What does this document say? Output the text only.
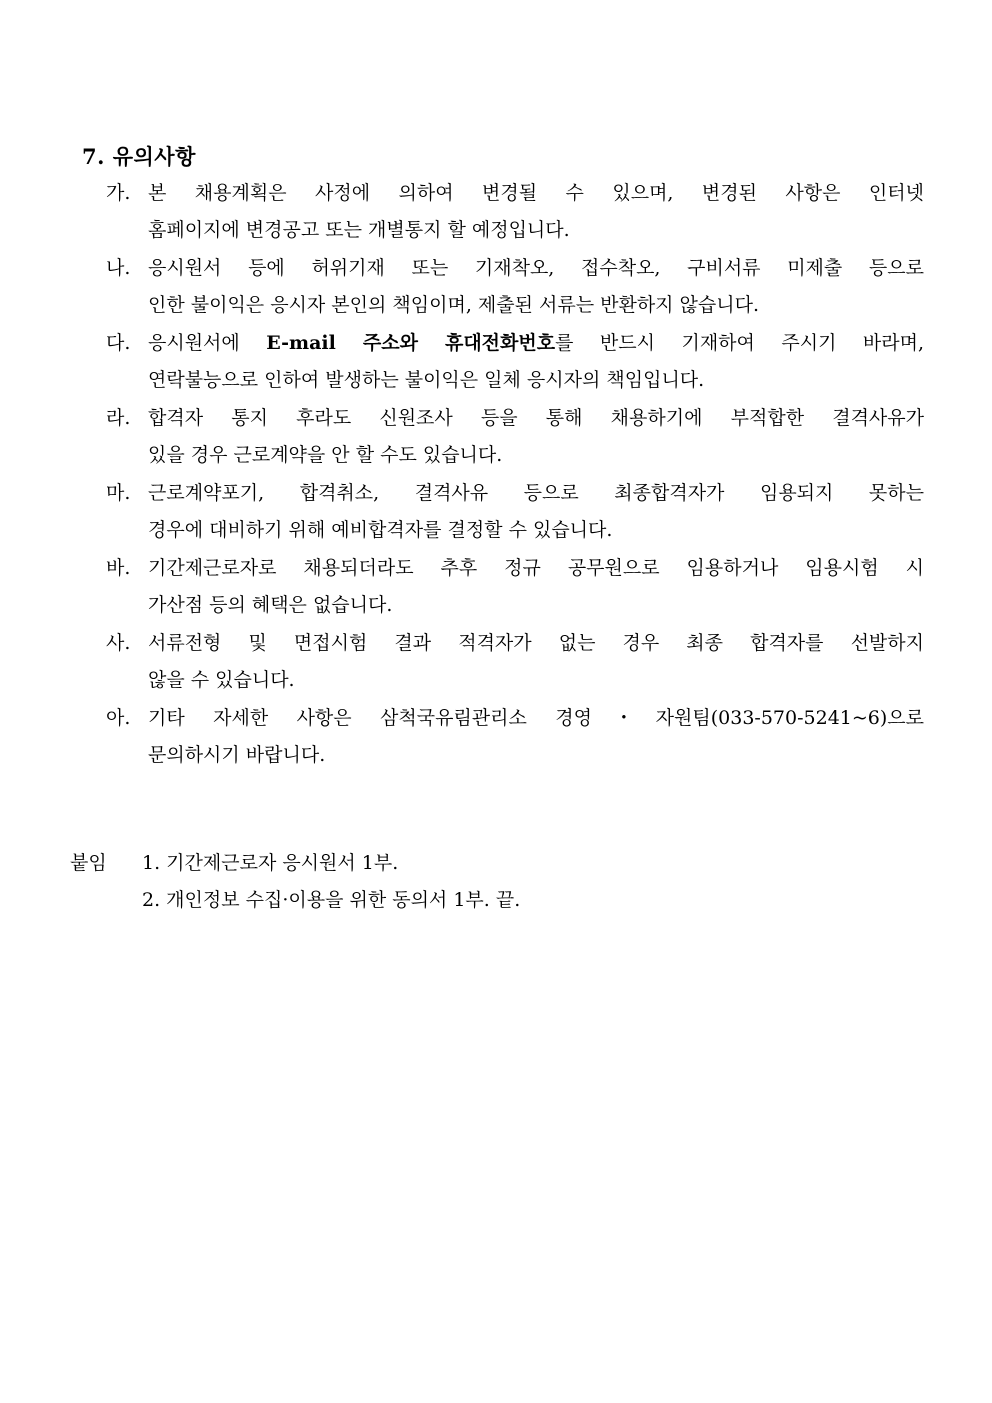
7. 유의사항
가. 본 채용계획은 사정에 의하여 변경될 수 있으며, 변경된 사항은 인터넷
홈페이지에 변경공고 또는 개별통지 할 예정입니다.
나. 응시원서 등에 허위기재 또는 기재착오, 접수착오, 구비서류 미제출 등으로
인한 불이익은 응시자 본인의 책임이며, 제출된 서류는 반환하지 않습니다.
다. 응시원서에 E-mail 주소와 휴대전화번호를 반드시 기재하여 주시기 바라며,
연락불능으로 인하여 발생하는 불이익은 일체 응시자의 책임입니다.
라. 합격자 통지 후라도 신원조사 등을 통해 채용하기에 부적합한 결격사유가
있을 경우 근로계약을 안 할 수도 있습니다.
마. 근로계약포기, 합격취소, 결격사유 등으로 최종합격자가 임용되지 못하는
경우에 대비하기 위해 예비합격자를 결정할 수 있습니다.
바. 기간제근로자로 채용되더라도 추후 정규 공무원으로 임용하거나 임용시험 시
가산점 등의 혜택은 없습니다.
사. 서류전형 및 면접시험 결과 적격자가 없는 경우 최종 합격자를 선발하지
않을 수 있습니다.
아. 기타 자세한 사항은 삼척국유림관리소 경영・자원팀(033-570-5241~6)으로
문의하시기 바랍니다.
붙임 1. 기간제근로자 응시원서 1부.
2. 개인정보 수집·이용을 위한 동의서 1부. 끝.
